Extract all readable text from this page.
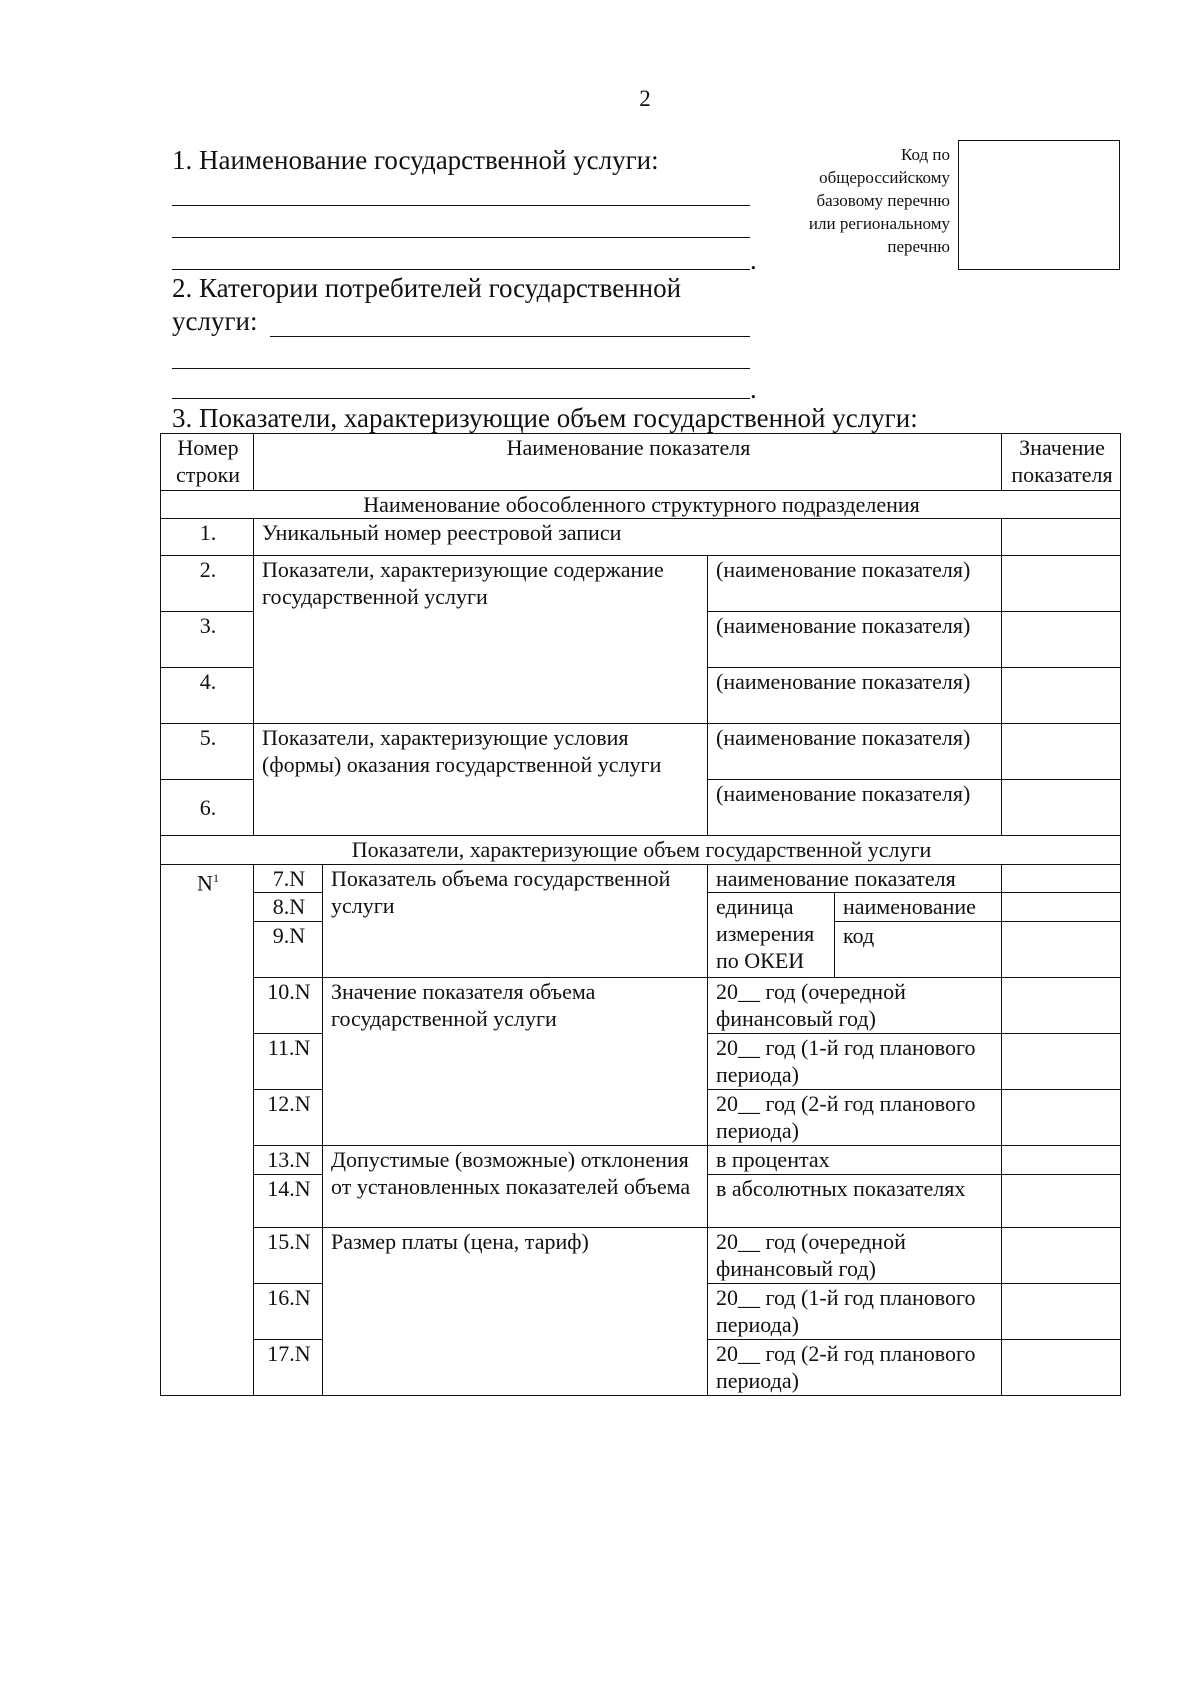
2
1. Наименование государственной услуги:
.
Код по
общероссийскому
базовому перечню
или региональному
перечню
2. Категории потребителей государственной
услуги:
.
3. Показатели, характеризующие объем государственной услуги:
Номер строки	Наименование показателя				Значение показателя
Наименование обособленного структурного подразделения					
1.	Уникальный номер реестровой записи				
2.	Показатели, характеризующие содержание государственной услуги		(наименование показателя)		
3.			(наименование показателя)		
4.			(наименование показателя)		
5.	Показатели, характеризующие условия (формы) оказания государственной услуги		(наименование показателя)		
6.			(наименование показателя)		
Показатели, характеризующие объем государственной услуги					
$N^1$	7.N	Показатель объема государственной услуги	наименование показателя		
	8.N		единица измерения по ОКЕИ	наименование	
	9.N			код	
	10.N	Значение показателя объема государственной услуги	20__ год (очередной финансовый год)		
	11.N		20__ год (1-й год планового периода)		
	12.N		20__ год (2-й год планового периода)		
	13.N	Допустимые (возможные) отклонения от установленных показателей объема	в процентах		
	14.N		в абсолютных показателях		
	15.N	Размер платы (цена, тариф)	20__ год (очередной финансовый год)		
	16.N		20__ год (1-й год планового периода)		
	17.N		20__ год (2-й год планового периода)		
